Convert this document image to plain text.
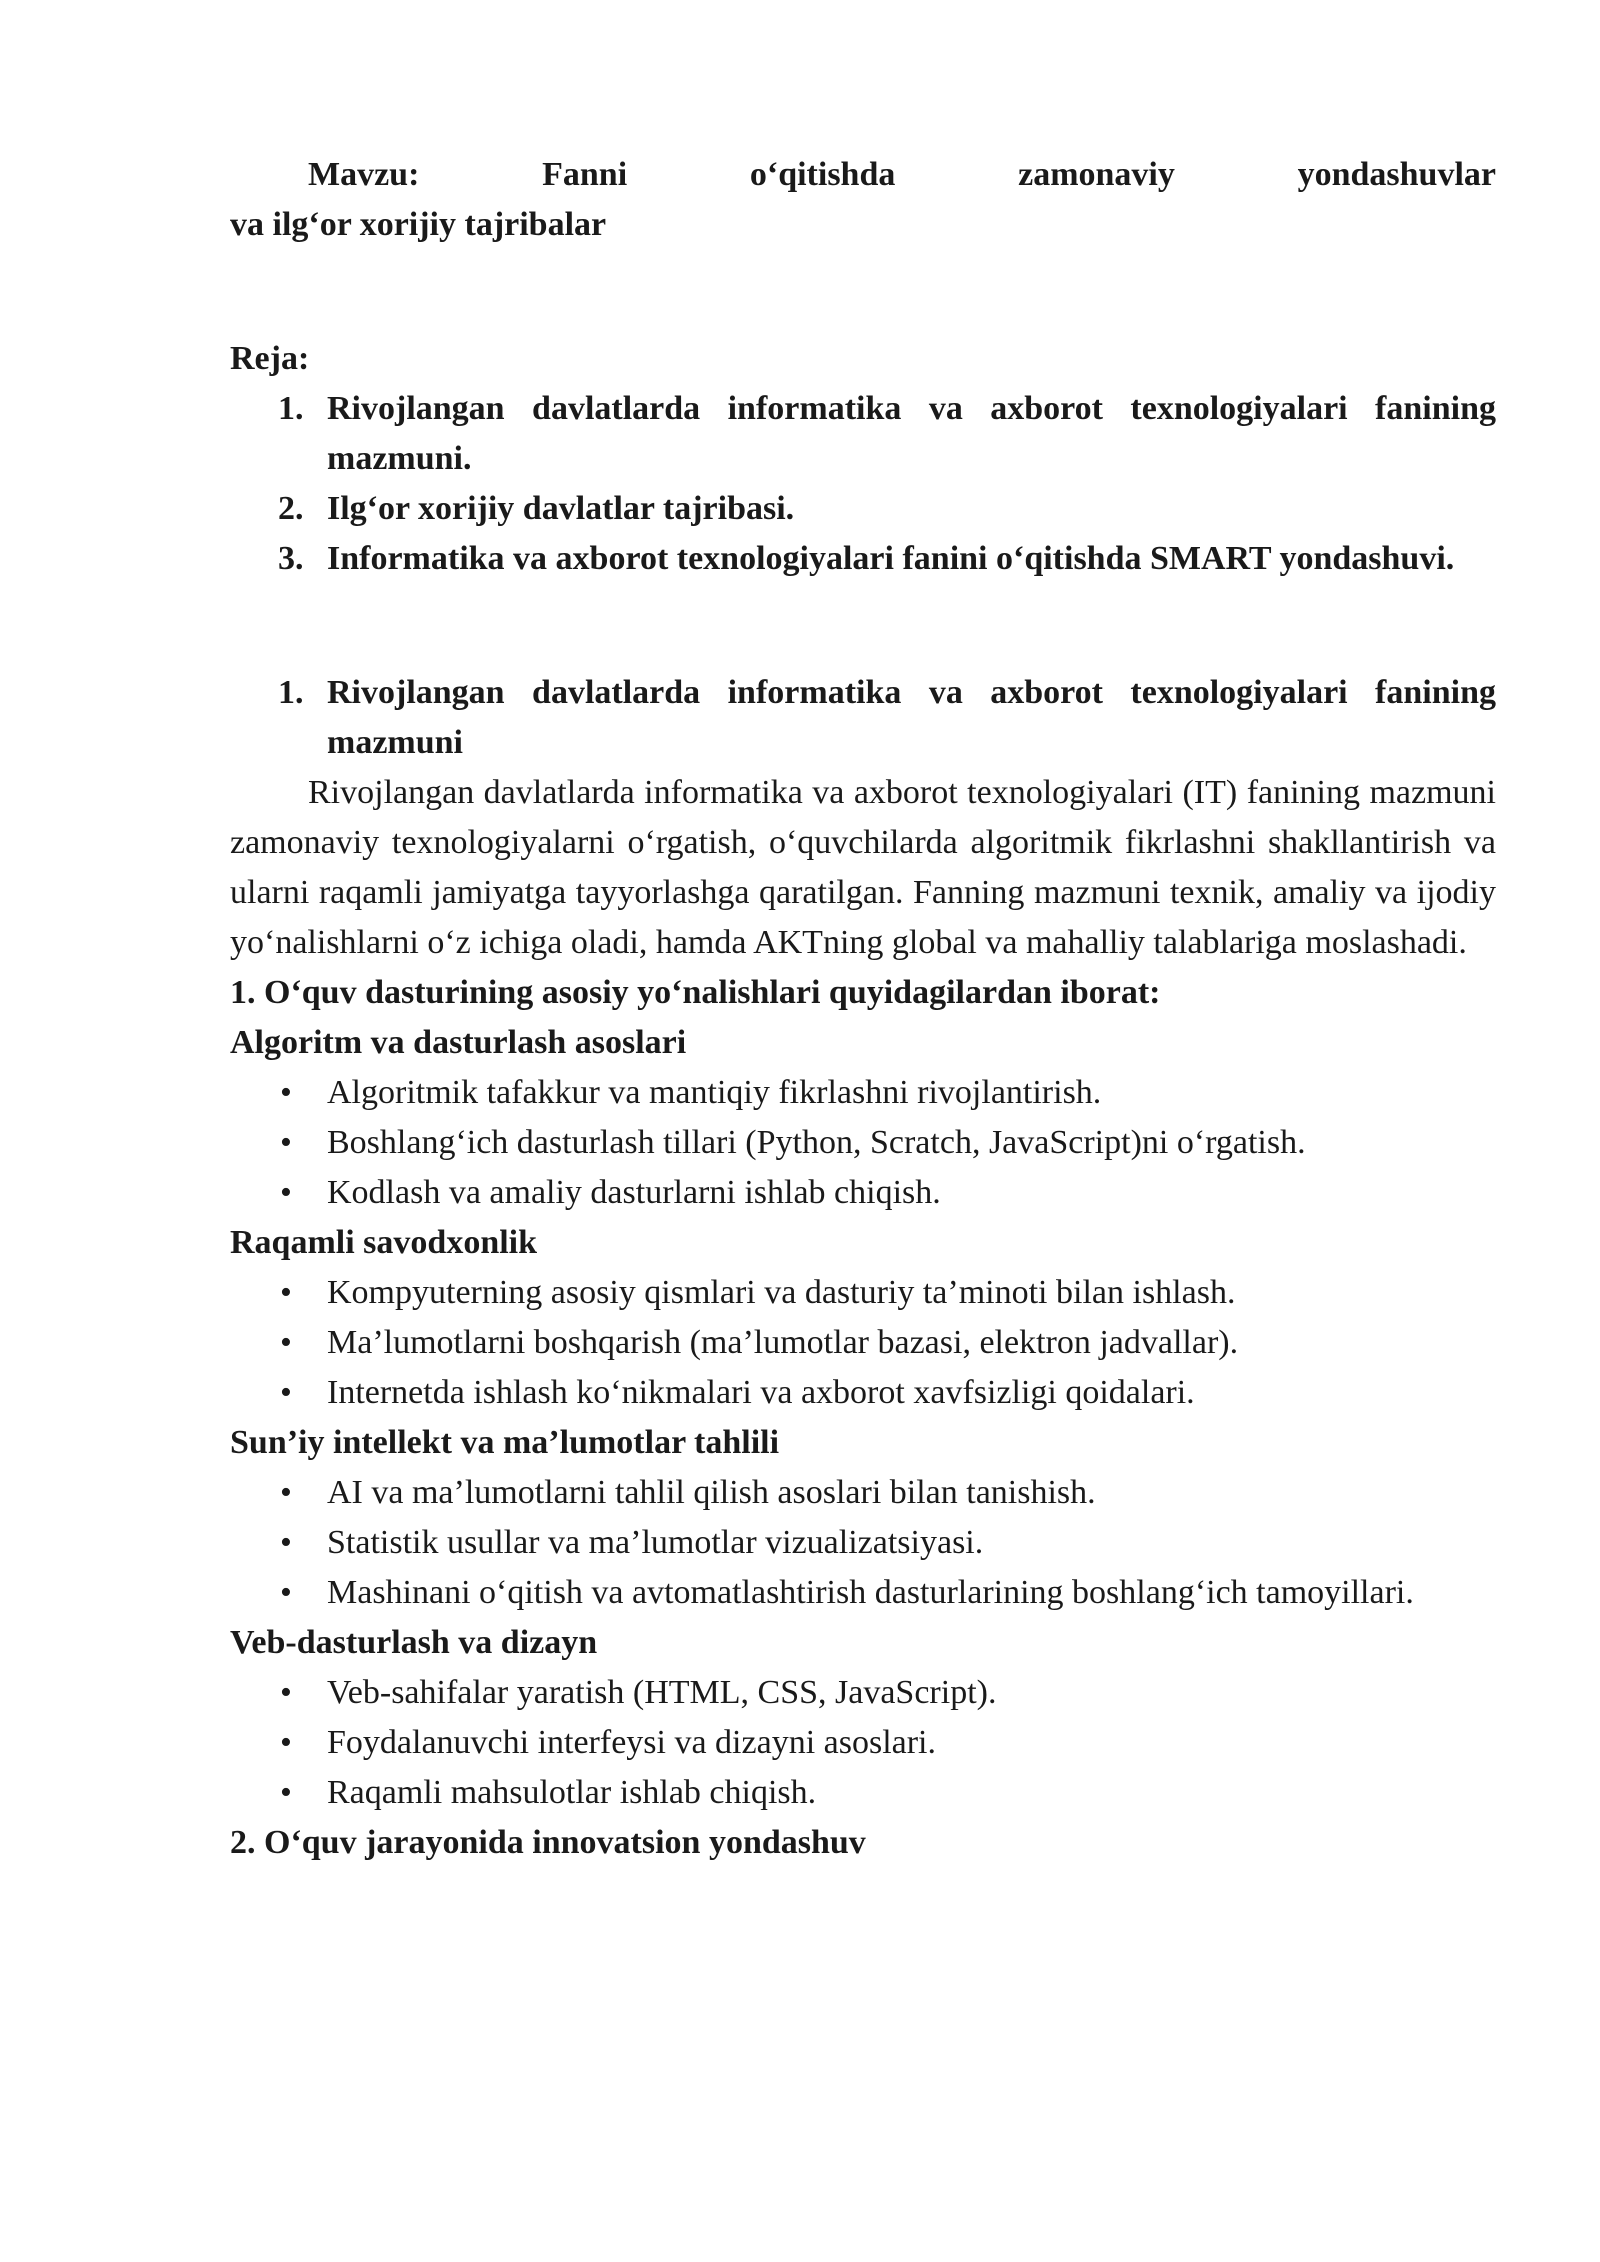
Mavzu: Fanni o‘qitishda zamonaviy yondashuvlar
va ilg‘or xorijiy tajribalar
Reja:
1. Rivojlangan davlatlarda informatika va axborot texnologiyalari fanining mazmuni.
2. Ilg‘or xorijiy davlatlar tajribasi.
3. Informatika va axborot texnologiyalari fanini o‘qitishda SMART yondashuvi.
1. Rivojlangan davlatlarda informatika va axborot texnologiyalari fanining mazmuni
Rivojlangan davlatlarda informatika va axborot texnologiyalari (IT) fanining mazmuni zamonaviy texnologiyalarni o‘rgatish, o‘quvchilarda algoritmik fikrlashni shakllantirish va ularni raqamli jamiyatga tayyorlashga qaratilgan. Fanning mazmuni texnik, amaliy va ijodiy yo‘nalishlarni o‘z ichiga oladi, hamda AKTning global va mahalliy talablariga moslashadi.
1. O‘quv dasturining asosiy yo‘nalishlari quyidagilardan iborat:
Algoritm va dasturlash asoslari
• Algoritmik tafakkur va mantiqiy fikrlashni rivojlantirish.
• Boshlang‘ich dasturlash tillari (Python, Scratch, JavaScript)ni o‘rgatish.
• Kodlash va amaliy dasturlarni ishlab chiqish.
Raqamli savodxonlik
• Kompyuterning asosiy qismlari va dasturiy ta’minoti bilan ishlash.
• Ma’lumotlarni boshqarish (ma’lumotlar bazasi, elektron jadvallar).
• Internetda ishlash ko‘nikmalari va axborot xavfsizligi qoidalari.
Sun’iy intellekt va ma’lumotlar tahlili
• AI va ma’lumotlarni tahlil qilish asoslari bilan tanishish.
• Statistik usullar va ma’lumotlar vizualizatsiyasi.
• Mashinani o‘qitish va avtomatlashtirish dasturlarining boshlang‘ich tamoyillari.
Veb-dasturlash va dizayn
• Veb-sahifalar yaratish (HTML, CSS, JavaScript).
• Foydalanuvchi interfeysi va dizayni asoslari.
• Raqamli mahsulotlar ishlab chiqish.
2. O‘quv jarayonida innovatsion yondashuv
